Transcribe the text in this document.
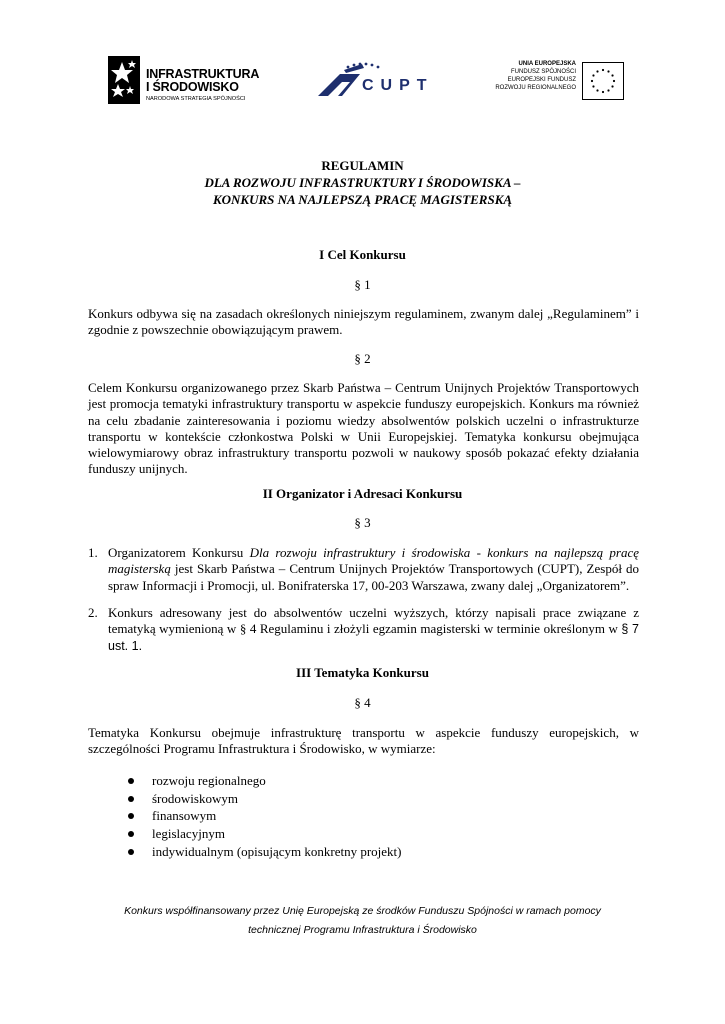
INFRASTRUKTURA
I ŚRODOWISKO
NARODOWA STRATEGIA SPÓJNOŚCI
CUPT
UNIA EUROPEJSKA
FUNDUSZ SPÓJNOŚCI
EUROPEJSKI FUNDUSZ
ROZWOJU REGIONALNEGO
REGULAMIN
DLA ROZWOJU INFRASTRUKTURY I ŚRODOWISKA –
KONKURS NA NAJLEPSZĄ PRACĘ MAGISTERSKĄ
I Cel Konkursu
§ 1
Konkurs odbywa się na zasadach określonych niniejszym regulaminem, zwanym dalej „Regulaminem” i zgodnie z powszechnie obowiązującym prawem.
§ 2
Celem Konkursu organizowanego przez Skarb Państwa – Centrum Unijnych Projektów Transportowych jest promocja tematyki infrastruktury transportu w aspekcie funduszy europejskich. Konkurs ma również na celu zbadanie zainteresowania i poziomu wiedzy absolwentów polskich uczelni o infrastrukturze transportu w kontekście członkostwa Polski w Unii Europejskiej. Tematyka konkursu obejmująca wielowymiarowy obraz infrastruktury transportu pozwoli w naukowy sposób pokazać efekty działania funduszy unijnych.
II Organizator i Adresaci Konkursu
§ 3
1. Organizatorem Konkursu Dla rozwoju infrastruktury i środowiska - konkurs na najlepszą pracę magisterską jest Skarb Państwa – Centrum Unijnych Projektów Transportowych (CUPT), Zespół do spraw Informacji i Promocji, ul. Bonifraterska 17, 00-203 Warszawa, zwany dalej „Organizatorem”.
2. Konkurs adresowany jest do absolwentów uczelni wyższych, którzy napisali prace związane z tematyką wymienioną w § 4 Regulaminu i złożyli egzamin magisterski w terminie określonym w § 7 ust. 1.
III Tematyka Konkursu
§ 4
Tematyka Konkursu obejmuje infrastrukturę transportu w aspekcie funduszy europejskich, w szczególności Programu Infrastruktura i Środowisko, w wymiarze:
rozwoju regionalnego
środowiskowym
finansowym
legislacyjnym
indywidualnym (opisującym konkretny projekt)
Konkurs współfinansowany przez Unię Europejską ze środków Funduszu Spójności w ramach pomocy
technicznej Programu Infrastruktura i Środowisko
